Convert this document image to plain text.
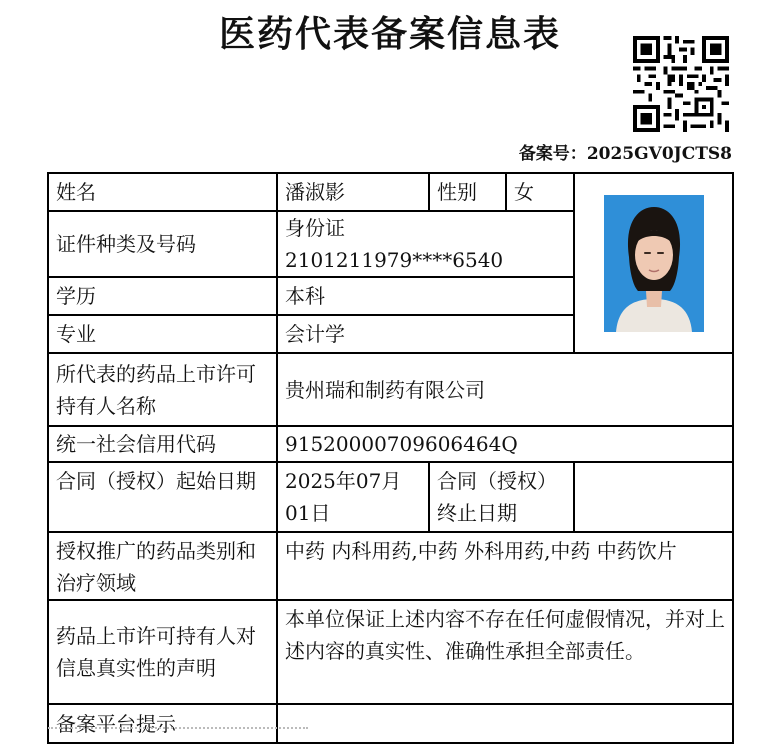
医药代表备案信息表
备案号：2025GV0JCTS8
姓名	潘淑影	性别	女	

证件种类及号码	身份证 2101211979****6540			
学历	本科			
专业	会计学			
所代表的药品上市许可持有人名称	贵州瑞和制药有限公司			
统一社会信用代码	91520000709606464Q			
合同（授权）起始日期	2025年07月01日	合同（授权）终止日期		
授权推广的药品类别和治疗领域	中药 内科用药,中药 外科用药,中药 中药饮片			
药品上市许可持有人对信息真实性的声明	本单位保证上述内容不存在任何虚假情况，并对上述内容的真实性、准确性承担全部责任。			
备案平台提示				
